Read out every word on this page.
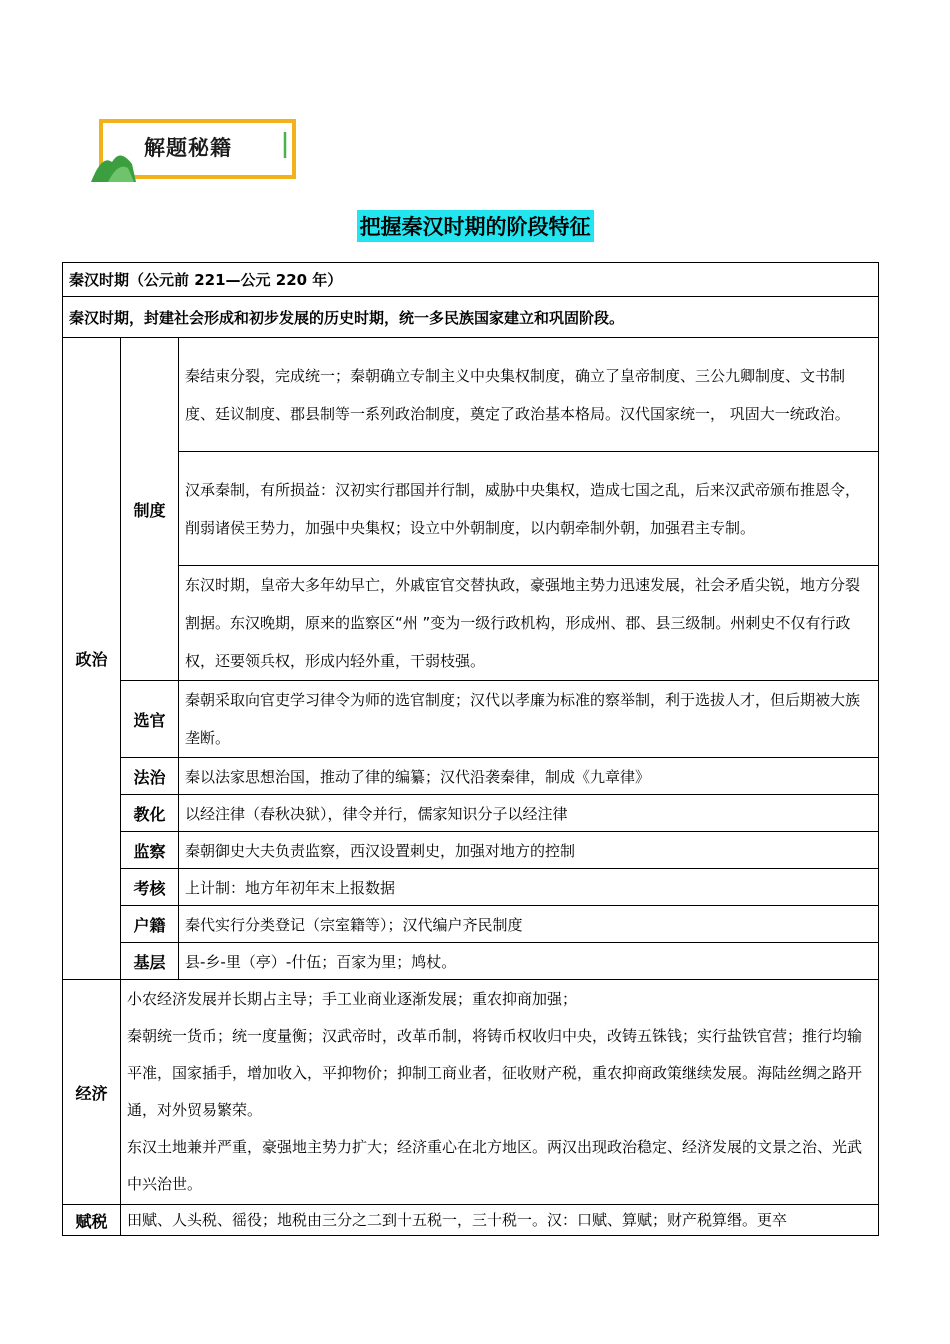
解题秘籍
把握秦汉时期的阶段特征
秦汉时期（公元前 221—公元 220 年）		
秦汉时期，封建社会形成和初步发展的历史时期，统一多民族国家建立和巩固阶段。		
政治	制度	秦结束分裂，完成统一；秦朝确立专制主义中央集权制度，确立了皇帝制度、三公九卿制度、文书制度、廷议制度、郡县制等一系列政治制度，奠定了政治基本格局。汉代国家统一， 巩固大一统政治。
		汉承秦制，有所损益：汉初实行郡国并行制，威胁中央集权，造成七国之乱，后来汉武帝颁布推恩令，削弱诸侯王势力，加强中央集权；设立中外朝制度，以内朝牵制外朝，加强君主专制。
		东汉时期，皇帝大多年幼早亡，外戚宦官交替执政，豪强地主势力迅速发展，社会矛盾尖锐，地方分裂割据。东汉晚期，原来的监察区“州 ”变为一级行政机构，形成州、郡、县三级制。州刺史不仅有行政权，还要领兵权，形成内轻外重，干弱枝强。
	选官	秦朝采取向官吏学习律令为师的选官制度；汉代以孝廉为标准的察举制，利于选拔人才，但后期被大族垄断。
	法治	秦以法家思想治国，推动了律的编纂；汉代沿袭秦律，制成《九章律》
	教化	以经注律（春秋决狱），律令并行，儒家知识分子以经注律
	监察	秦朝御史大夫负责监察，西汉设置刺史，加强对地方的控制
	考核	上计制：地方年初年末上报数据
	户籍	秦代实行分类登记（宗室籍等）；汉代编户齐民制度
	基层	县-乡-里（亭）-什伍；百家为里；鸠杖。
经济	小农经济发展并长期占主导；手工业商业逐渐发展；重农抑商加强；

秦朝统一货币；统一度量衡；汉武帝时，改革币制，将铸币权收归中央，改铸五铢钱；实行盐铁官营；推行均输平准，国家插手，增加收入，平抑物价；抑制工商业者，征收财产税，重农抑商政策继续发展。海陆丝绸之路开通，对外贸易繁荣。

东汉土地兼并严重，豪强地主势力扩大；经济重心在北方地区。两汉出现政治稳定、经济发展的文景之治、光武中兴治世。	

赋税	田赋、人头税、徭役；地税由三分之二到十五税一，三十税一。汉：口赋、算赋；财产税算缗。更卒	
